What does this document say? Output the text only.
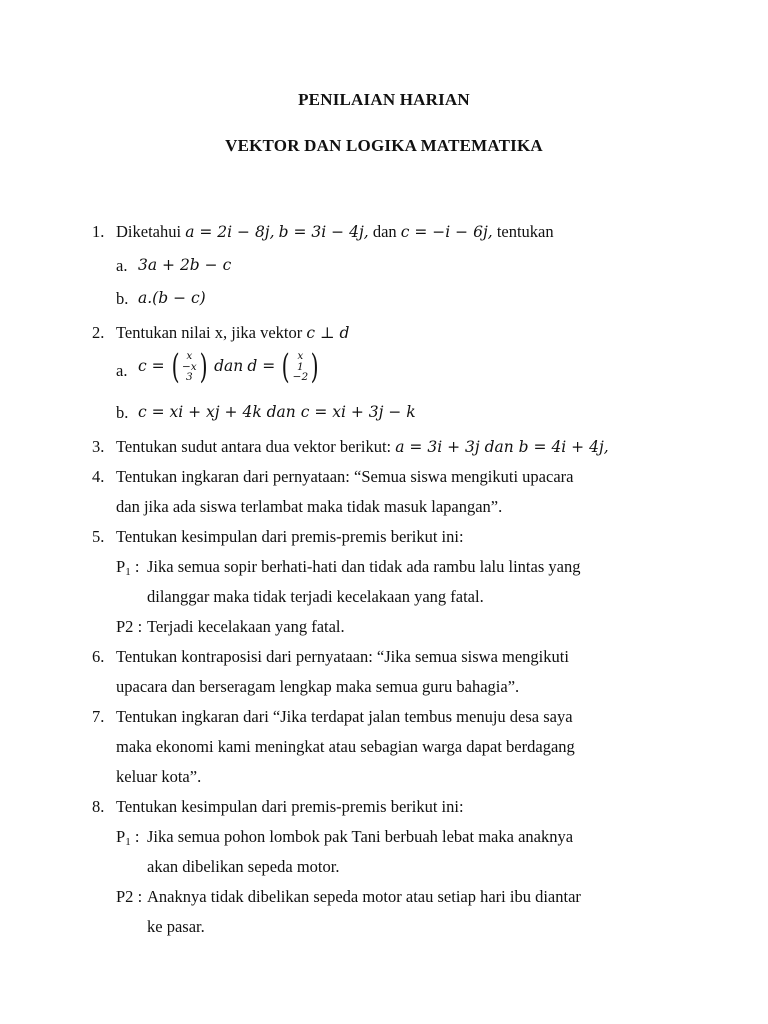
PENILAIAN HARIAN
VEKTOR DAN LOGIKA MATEMATIKA
1. Diketahui a = 2i − 8j, b = 3i − 4j, dan c = −i − 6j, tentukan
a. 3a + 2b − c
b. a.(b − c)
2. Tentukan nilai x, jika vektor c ⊥ d
a. c = ( x
−x
3 ) dan d = ( x
1
−2 )
b. c = xi + xj + 4k dan c = xi + 3j − k
3. Tentukan sudut antara dua vektor berikut: a = 3i + 3j dan b = 4i + 4j,
4. Tentukan ingkaran dari pernyataan: “Semua siswa mengikuti upacara
dan jika ada siswa terlambat maka tidak masuk lapangan”.
5. Tentukan kesimpulan dari premis-premis berikut ini:
P1 : Jika semua sopir berhati-hati dan tidak ada rambu lalu lintas yang
dilanggar maka tidak terjadi kecelakaan yang fatal.
P2 : Terjadi kecelakaan yang fatal.
6. Tentukan kontraposisi dari pernyataan: “Jika semua siswa mengikuti
upacara dan berseragam lengkap maka semua guru bahagia”.
7. Tentukan ingkaran dari “Jika terdapat jalan tembus menuju desa saya
maka ekonomi kami meningkat atau sebagian warga dapat berdagang
keluar kota”.
8. Tentukan kesimpulan dari premis-premis berikut ini:
P1 : Jika semua pohon lombok pak Tani berbuah lebat maka anaknya
akan dibelikan sepeda motor.
P2 : Anaknya tidak dibelikan sepeda motor atau setiap hari ibu diantar
ke pasar.
